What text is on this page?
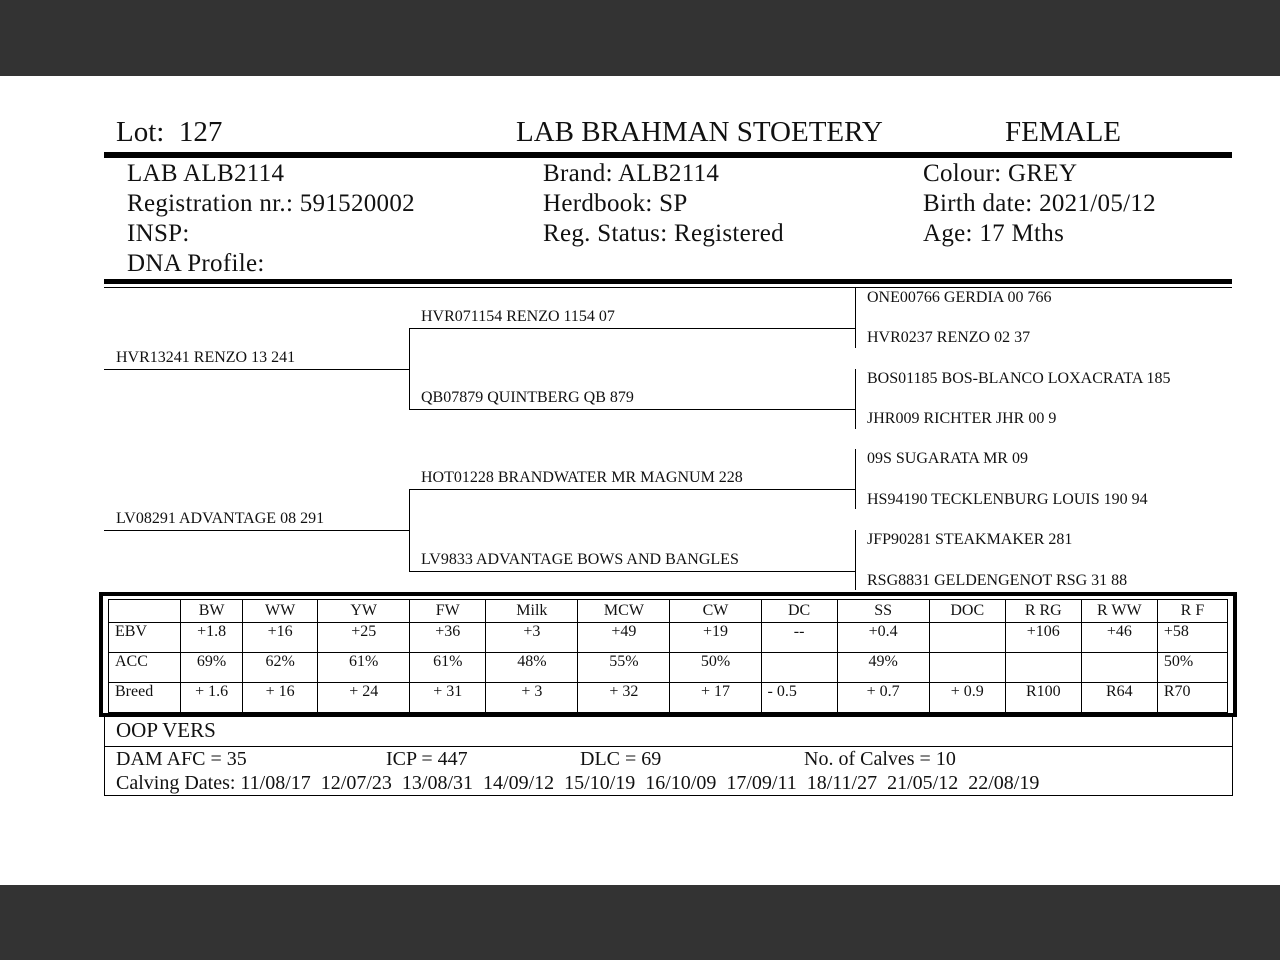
Lot: 127	LAB BRAHMAN STOETERY	FEMALE
LAB ALB2114
Registration nr.: 591520002
INSP:
DNA Profile:
Brand: ALB2114
Herdbook: SP
Reg. Status: Registered
Colour: GREY
Birth date: 2021/05/12
Age: 17 Mths
HVR13241 RENZO 13 241
LV08291 ADVANTAGE 08 291
HVR071154 RENZO 1154 07
QB07879 QUINTBERG QB 879
HOT01228 BRANDWATER MR MAGNUM 228
LV9833 ADVANTAGE BOWS AND BANGLES
ONE00766 GERDIA 00 766
HVR0237 RENZO 02 37
BOS01185 BOS-BLANCO LOXACRATA 185
JHR009 RICHTER JHR 00 9
09S SUGARATA MR 09
HS94190 TECKLENBURG LOUIS 190 94
JFP90281 STEAKMAKER 281
RSG8831 GELDENGENOT RSG 31 88
	BW	WW	YW	FW	Milk	MCW	CW	DC	SS	DOC	R RG	R WW	R F
EBV	+1.8	+16	+25	+36	+3	+49	+19	--	+0.4		+106	+46	+58
ACC	69%	62%	61%	61%	48%	55%	50%		49%				50%
Breed	+ 1.6	+ 16	+ 24	+ 31	+ 3	+ 32	+ 17	- 0.5	+ 0.7	+ 0.9	R100	R64	R70
OOP VERS
DAM AFC = 35	ICP = 447	DLC = 69	No. of Calves = 10
Calving Dates: 11/08/17  12/07/23  13/08/31  14/09/12  15/10/19  16/10/09  17/09/11  18/11/27  21/05/12  22/08/19
